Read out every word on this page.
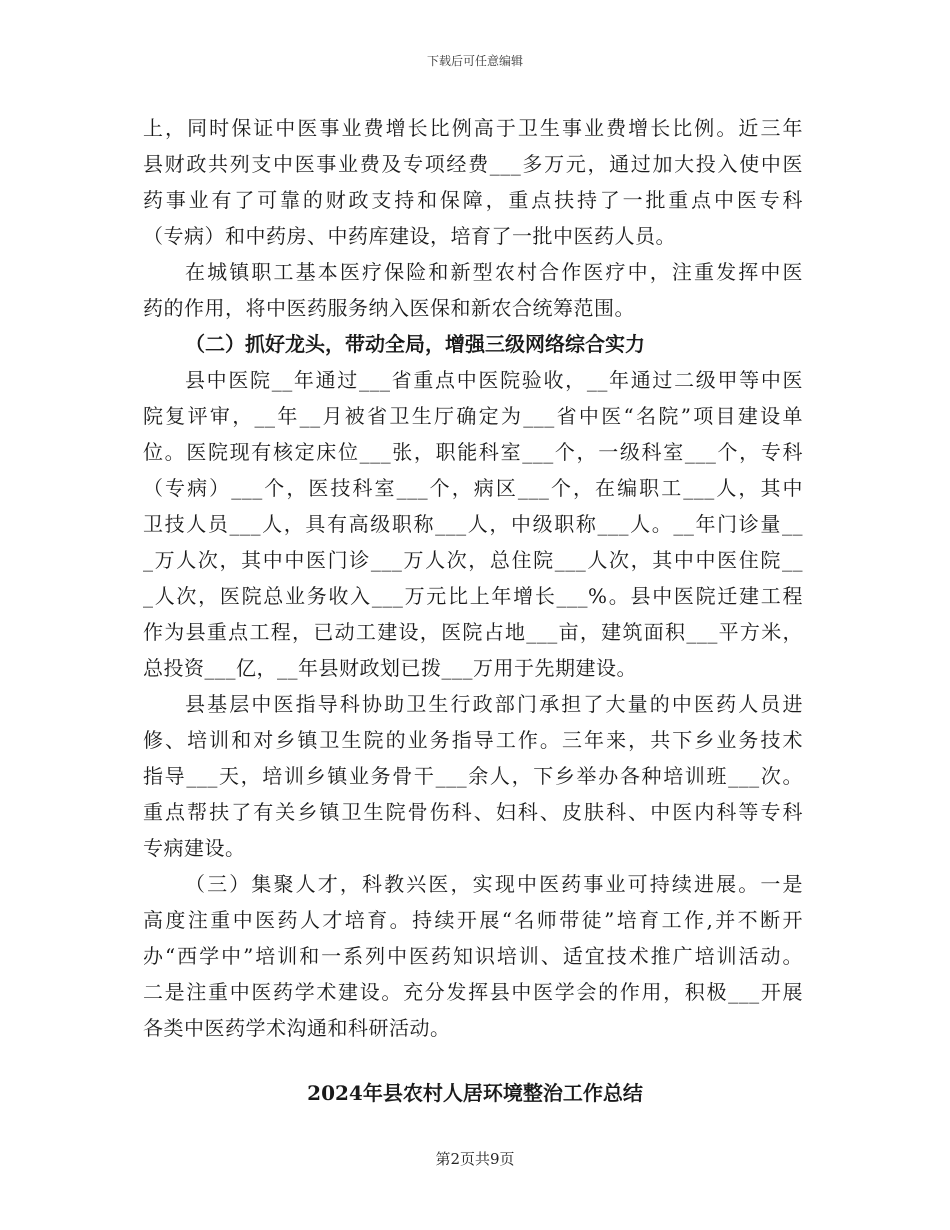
下载后可任意编辑
上，同时保证中医事业费增长比例高于卫生事业费增长比例。近三年
县财政共列支中医事业费及专项经费___多万元，通过加大投入使中医
药事业有了可靠的财政支持和保障，重点扶持了一批重点中医专科
（专病）和中药房、中药库建设，培育了一批中医药人员。
在城镇职工基本医疗保险和新型农村合作医疗中，注重发挥中医
药的作用，将中医药服务纳入医保和新农合统筹范围。
（二）抓好龙头，带动全局，增强三级网络综合实力
县中医院__年通过___省重点中医院验收，__年通过二级甲等中医
院复评审，__年__月被省卫生厅确定为___省中医“名院”项目建设单
位。医院现有核定床位___张，职能科室___个，一级科室___个，专科
（专病）___个，医技科室___个，病区___个，在编职工___人，其中
卫技人员___人，具有高级职称___人，中级职称___人。__年门诊量__
_万人次，其中中医门诊___万人次，总住院___人次，其中中医住院__
_人次，医院总业务收入___万元比上年增长___%。县中医院迁建工程
作为县重点工程，已动工建设，医院占地___亩，建筑面积___平方米，
总投资___亿，__年县财政划已拨___万用于先期建设。
县基层中医指导科协助卫生行政部门承担了大量的中医药人员进
修、培训和对乡镇卫生院的业务指导工作。三年来，共下乡业务技术
指导___天，培训乡镇业务骨干___余人，下乡举办各种培训班___次。
重点帮扶了有关乡镇卫生院骨伤科、妇科、皮肤科、中医内科等专科
专病建设。
（三）集聚人才，科教兴医，实现中医药事业可持续进展。一是
高度注重中医药人才培育。持续开展“名师带徒”培育工作,并不断开
办“西学中”培训和一系列中医药知识培训、适宜技术推广培训活动。
二是注重中医药学术建设。充分发挥县中医学会的作用，积极___开展
各类中医药学术沟通和科研活动。
2024年县农村人居环境整治工作总结
第2页共9页
